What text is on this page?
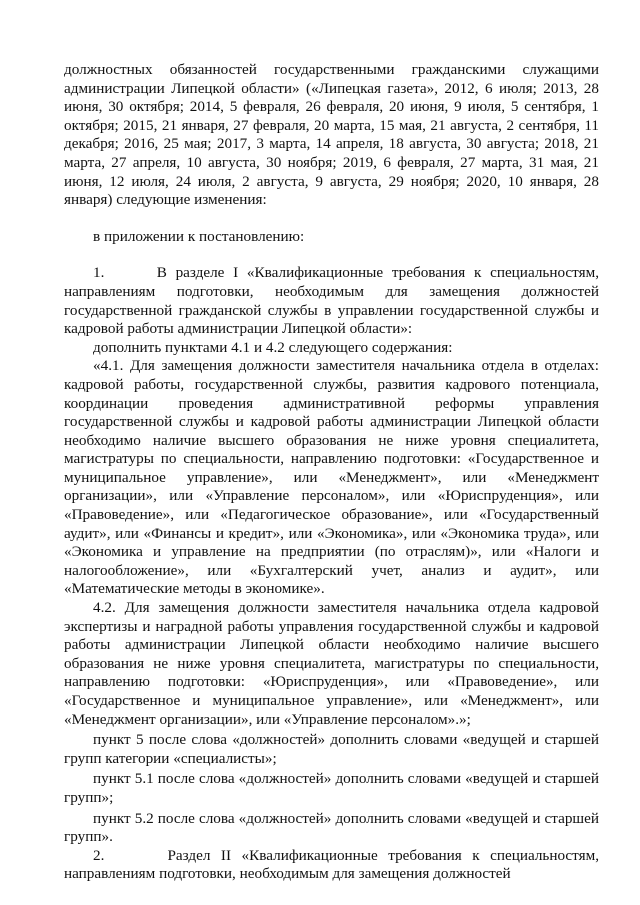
должностных обязанностей государственными гражданскими служащими администрации Липецкой области» («Липецкая газета», 2012, 6 июля; 2013, 28 июня, 30 октября; 2014, 5 февраля, 26 февраля, 20 июня, 9 июля, 5 сентября, 1 октября; 2015, 21 января, 27 февраля, 20 марта, 15 мая, 21 августа, 2 сентября, 11 декабря; 2016, 25 мая; 2017, 3 марта, 14 апреля, 18 августа, 30 августа; 2018, 21 марта, 27 апреля, 10 августа, 30 ноября; 2019, 6 февраля, 27 марта, 31 мая, 21 июня, 12 июля, 24 июля, 2 августа, 9 августа, 29 ноября; 2020, 10 января, 28 января) следующие изменения:

в приложении к постановлению:

1.      В разделе I «Квалификационные требования к специальностям, направлениям подготовки, необходимым для замещения должностей государственной гражданской службы в управлении государственной службы и кадровой работы администрации Липецкой области»:

дополнить пунктами 4.1 и 4.2 следующего содержания:

«4.1. Для замещения должности заместителя начальника отдела в отделах: кадровой работы, государственной службы, развития кадрового потенциала, координации проведения административной реформы управления государственной службы и кадровой работы администрации Липецкой области необходимо наличие высшего образования не ниже уровня специалитета, магистратуры по специальности, направлению подготовки: «Государственное и муниципальное управление», или «Менеджмент», или «Менеджмент организации», или «Управление персоналом», или «Юриспруденция», или «Правоведение», или «Педагогическое образование», или «Государственный аудит», или «Финансы и кредит», или «Экономика», или «Экономика труда», или «Экономика и управление на предприятии (по отраслям)», или «Налоги и налогообложение», или «Бухгалтерский учет, анализ и аудит», или «Математические методы в экономике».

4.2. Для замещения должности заместителя начальника отдела кадровой экспертизы и наградной работы управления государственной службы и кадровой работы администрации Липецкой области необходимо наличие высшего образования не ниже уровня специалитета, магистратуры по специальности, направлению подготовки: «Юриспруденция», или «Правоведение», или «Государственное и муниципальное управление», или «Менеджмент», или «Менеджмент организации», или «Управление персоналом».»;

пункт 5 после слова «должностей» дополнить словами «ведущей и старшей групп категории «специалисты»;

пункт 5.1 после слова «должностей» дополнить словами «ведущей и старшей групп»;

пункт 5.2 после слова «должностей» дополнить словами «ведущей и старшей групп».

2.      Раздел II «Квалификационные требования к специальностям, направлениям подготовки, необходимым для замещения должностей
